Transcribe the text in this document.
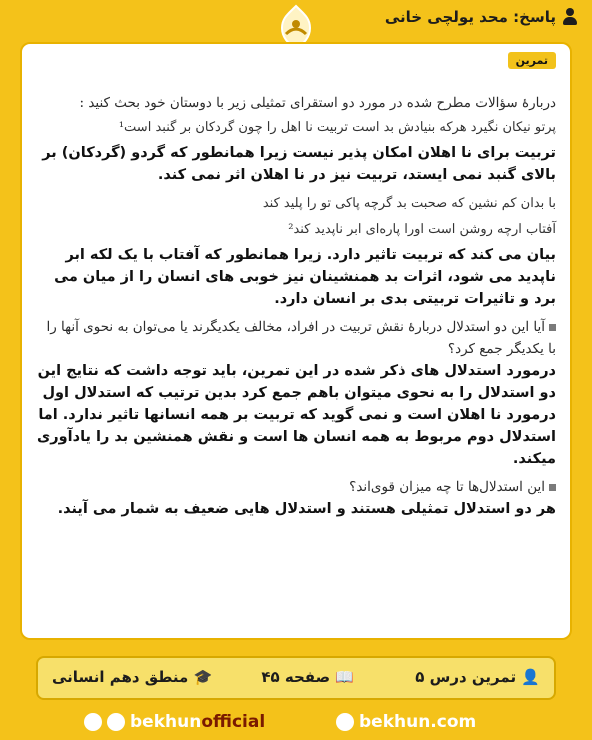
پاسخ: محد یولچی خانی
تمرین

دربارهٔ سؤالات مطرح شده در مورد دو استقرای تمثیلی زیر با دوستان خود بحث کنید :

پرتو نیکان نگیرد هرکه بنیادش بد است تربیت نا اهل را چون گردکان بر گنبد است¹

تربیت برای نا اهلان امکان پذیر نیست زیرا همانطور که گردو (گردکان) بر بالای گنبد نمی ایستد، تربیت نیز در نا اهلان اثر نمی کند.

با بدان کم نشین که صحبت بد گرچه پاکی تو را پلید کند

آفتاب ارچه روشن است اورا پاره‌ای ابر ناپدید کند²

بیان می کند که تربیت تاثیر دارد. زیرا همانطور که آفتاب با یک لکه ابر ناپدید می شود، اثرات بد همنشینان نیز خوبی های انسان را از میان می برد و تاثیرات تربیتی بدی بر انسان دارد.

آیا این دو استدلال دربارهٔ نقش تربیت در افراد، مخالف یکدیگرند یا می‌توان به نحوی آنها را با یکدیگر جمع کرد؟

درمورد استدلال های ذکر شده در این تمرین، باید توجه داشت که نتایج این دو استدلال را به نحوی میتوان باهم جمع کرد بدین ترتیب که استدلال اول درمورد نا اهلان است و نمی گوید که تربیت بر همه انسانها تاثیر ندارد. اما استدلال دوم مربوط به همه انسان ها است و نقش همنشین بد را یادآوری میکند.

این استدلال‌ها تا چه میزان قوی‌اند؟

هر دو استدلال تمثیلی هستند و استدلال هایی ضعیف به شمار می آیند.

👤 تمرین درس ۵
📖 صفحه ۴۵
🎓 منطق دهم انسانی
bekhun official	bekhun.com
